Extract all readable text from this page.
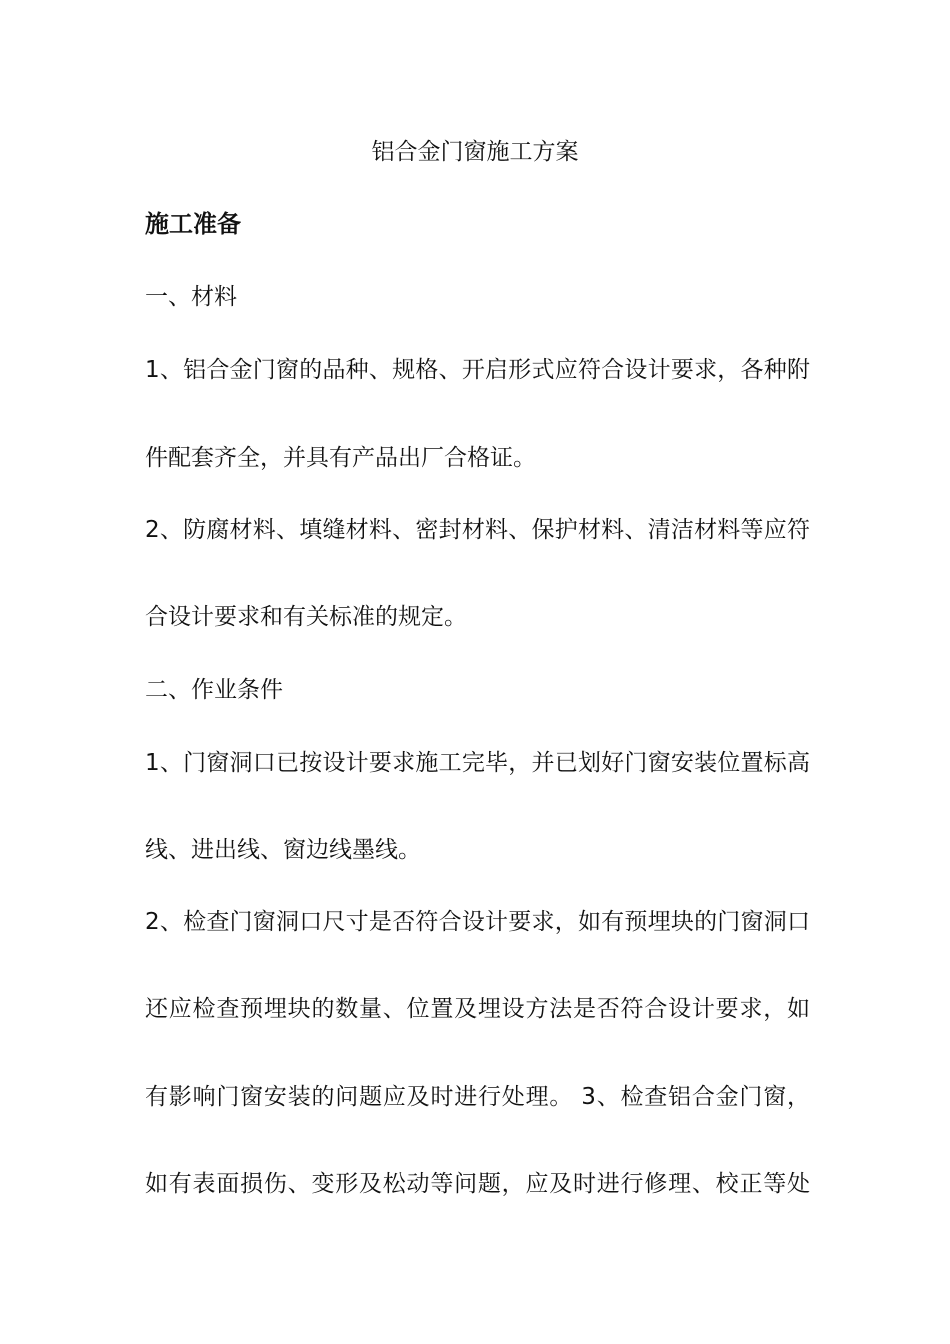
铝合金门窗施工方案
施工准备
一、材料
1、铝合金门窗的品种、规格、开启形式应符合设计要求，各种附
件配套齐全，并具有产品出厂合格证。
2、防腐材料、填缝材料、密封材料、保护材料、清洁材料等应符
合设计要求和有关标准的规定。
二、作业条件
1、门窗洞口已按设计要求施工完毕，并已划好门窗安装位置标高
线、进出线、窗边线墨线。
2、检查门窗洞口尺寸是否符合设计要求，如有预埋块的门窗洞口
还应检查预埋块的数量、位置及埋设方法是否符合设计要求，如
有影响门窗安装的问题应及时进行处理。 3、检查铝合金门窗，
如有表面损伤、变形及松动等问题，应及时进行修理、校正等处
